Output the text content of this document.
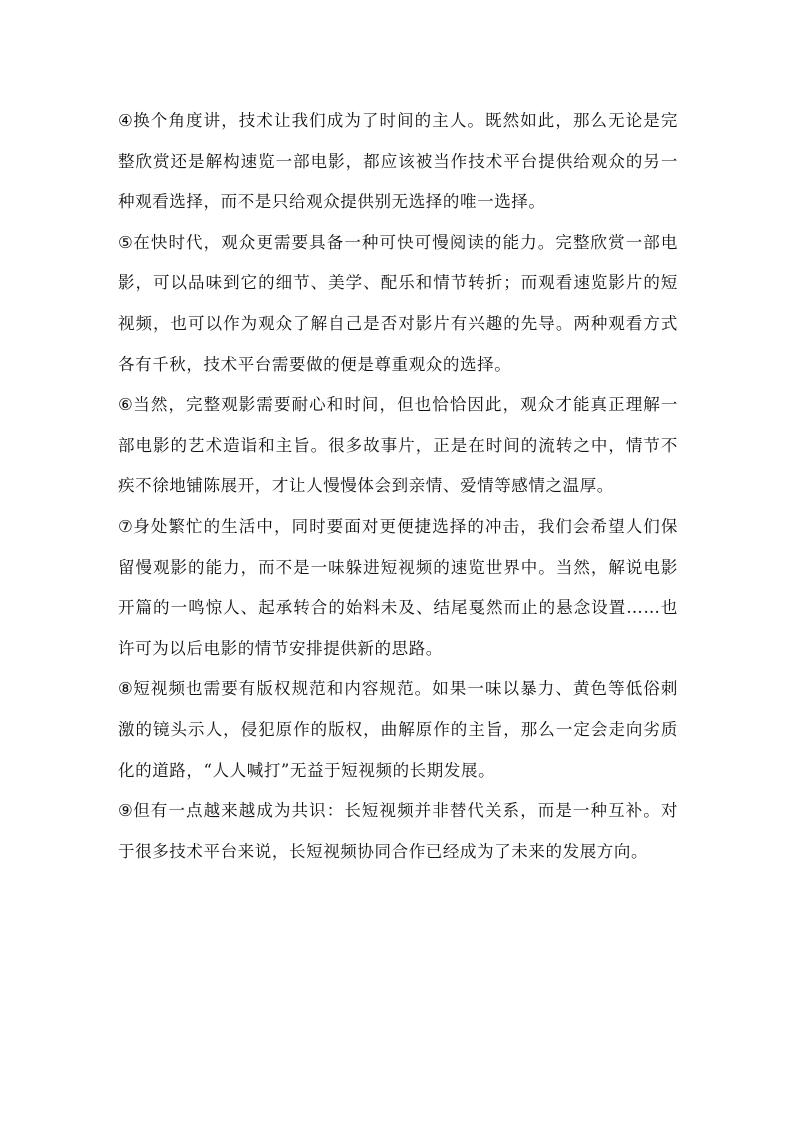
④换个角度讲，技术让我们成为了时间的主人。既然如此，那么无论是完整欣赏还是解构速览一部电影，都应该被当作技术平台提供给观众的另一种观看选择，而不是只给观众提供别无选择的唯一选择。

⑤在快时代，观众更需要具备一种可快可慢阅读的能力。完整欣赏一部电影，可以品味到它的细节、美学、配乐和情节转折；而观看速览影片的短视频，也可以作为观众了解自己是否对影片有兴趣的先导。两种观看方式各有千秋，技术平台需要做的便是尊重观众的选择。

⑥当然，完整观影需要耐心和时间，但也恰恰因此，观众才能真正理解一部电影的艺术造诣和主旨。很多故事片，正是在时间的流转之中，情节不疾不徐地铺陈展开，才让人慢慢体会到亲情、爱情等感情之温厚。

⑦身处繁忙的生活中，同时要面对更便捷选择的冲击，我们会希望人们保留慢观影的能力，而不是一味躲进短视频的速览世界中。当然，解说电影开篇的一鸣惊人、起承转合的始料未及、结尾戛然而止的悬念设置……也许可为以后电影的情节安排提供新的思路。

⑧短视频也需要有版权规范和内容规范。如果一味以暴力、黄色等低俗刺激的镜头示人，侵犯原作的版权，曲解原作的主旨，那么一定会走向劣质化的道路，“人人喊打”无益于短视频的长期发展。

⑨但有一点越来越成为共识：长短视频并非替代关系，而是一种互补。对于很多技术平台来说，长短视频协同合作已经成为了未来的发展方向。
